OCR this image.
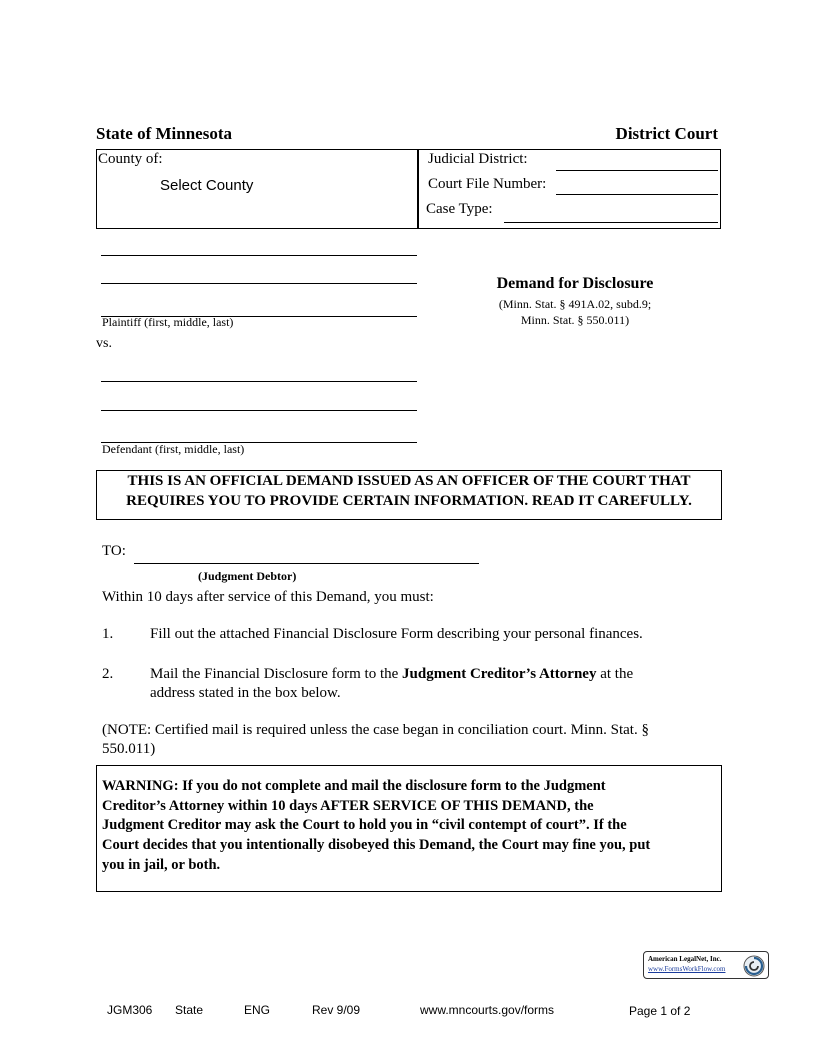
State of Minnesota	District Court
County of:
Select County
Judicial District:
Court File Number:
Case Type:
Plaintiff (first, middle, last)
vs.
Defendant (first, middle, last)
Demand for Disclosure
(Minn. Stat. § 491A.02, subd.9;
Minn. Stat. § 550.011)
THIS IS AN OFFICIAL DEMAND ISSUED AS AN OFFICER OF THE COURT THAT
REQUIRES YOU TO PROVIDE CERTAIN INFORMATION. READ IT CAREFULLY.
TO:
(Judgment Debtor)
Within 10 days after service of this Demand, you must:
1. Fill out the attached Financial Disclosure Form describing your personal finances.
2. Mail the Financial Disclosure form to the Judgment Creditor’s Attorney at the
address stated in the box below.
(NOTE: Certified mail is required unless the case began in conciliation court. Minn. Stat. §
550.011)
WARNING: If you do not complete and mail the disclosure form to the Judgment
Creditor’s Attorney within 10 days AFTER SERVICE OF THIS DEMAND, the
Judgment Creditor may ask the Court to hold you in “civil contempt of court”. If the
Court decides that you intentionally disobeyed this Demand, the Court may fine you, put
you in jail, or both.
American LegalNet, Inc.
www.FormsWorkFlow.com
JGM306 State	ENG	Rev 9/09	www.mncourts.gov/forms	Page 1 of 2
